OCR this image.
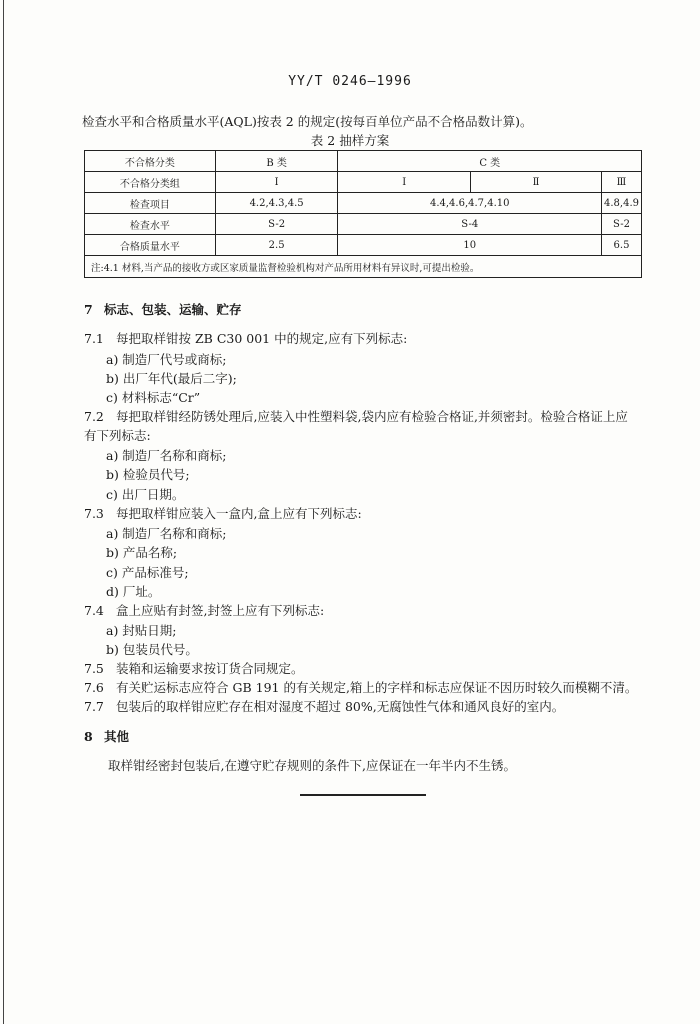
YY/T 0246—1996
检查水平和合格质量水平(AQL)按表 2 的规定(按每百单位产品不合格品数计算)。
表 2 抽样方案
不合格分类	B 类	C 类		
不合格分类组	Ⅰ	Ⅰ	Ⅱ	Ⅲ
检查项目	4.2,4.3,4.5	4.4,4.6,4.7,4.10		4.8,4.9
检查水平	S-2	S-4		S-2
合格质量水平	2.5	10		6.5
注:4.1 材料,当产品的接收方或区家质量监督检验机构对产品所用材料有异议时,可提出检验。				
7 标志、包装、运输、贮存
7.1 每把取样钳按 ZB C30 001 中的规定,应有下列标志:
a) 制造厂代号或商标;
b) 出厂年代(最后二字);
c) 材料标志“Cr”
7.2 每把取样钳经防锈处理后,应装入中性塑料袋,袋内应有检验合格证,并须密封。检验合格证上应
有下列标志:
a) 制造厂名称和商标;
b) 检验员代号;
c) 出厂日期。
7.3 每把取样钳应装入一盒内,盒上应有下列标志:
a) 制造厂名称和商标;
b) 产品名称;
c) 产品标准号;
d) 厂址。
7.4 盒上应贴有封签,封签上应有下列标志:
a) 封贴日期;
b) 包装员代号。
7.5 装箱和运输要求按订货合同规定。
7.6 有关贮运标志应符合 GB 191 的有关规定,箱上的字样和标志应保证不因历时较久而模糊不清。
7.7 包装后的取样钳应贮存在相对湿度不超过 80%,无腐蚀性气体和通风良好的室内。
8 其他
取样钳经密封包装后,在遵守贮存规则的条件下,应保证在一年半内不生锈。
